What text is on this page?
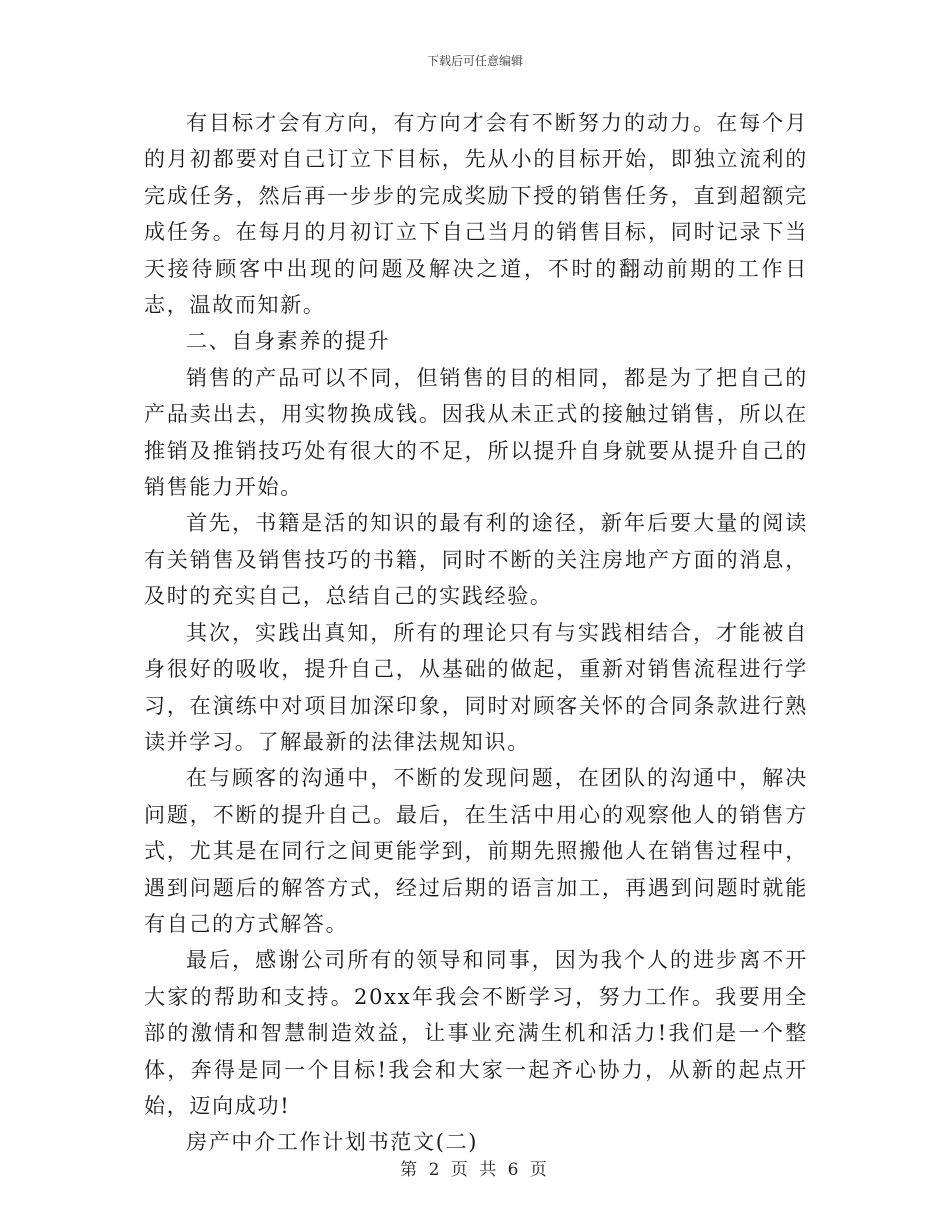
下载后可任意编辑

有目标才会有方向，有方向才会有不断努力的动力。在每个月的月初都要对自己订立下目标，先从小的目标开始，即独立流利的完成任务，然后再一步步的完成奖励下授的销售任务，直到超额完成任务。在每月的月初订立下自己当月的销售目标，同时记录下当天接待顾客中出现的问题及解决之道，不时的翻动前期的工作日志，温故而知新。

二、自身素养的提升

销售的产品可以不同，但销售的目的相同，都是为了把自己的产品卖出去，用实物换成钱。因我从未正式的接触过销售，所以在推销及推销技巧处有很大的不足，所以提升自身就要从提升自己的销售能力开始。

首先，书籍是活的知识的最有利的途径，新年后要大量的阅读有关销售及销售技巧的书籍，同时不断的关注房地产方面的消息，及时的充实自己，总结自己的实践经验。

其次，实践出真知，所有的理论只有与实践相结合，才能被自身很好的吸收，提升自己，从基础的做起，重新对销售流程进行学习，在演练中对项目加深印象，同时对顾客关怀的合同条款进行熟读并学习。了解最新的法律法规知识。

在与顾客的沟通中，不断的发现问题，在团队的沟通中，解决问题，不断的提升自己。最后，在生活中用心的观察他人的销售方式，尤其是在同行之间更能学到，前期先照搬他人在销售过程中，遇到问题后的解答方式，经过后期的语言加工，再遇到问题时就能有自己的方式解答。

最后，感谢公司所有的领导和同事，因为我个人的进步离不开大家的帮助和支持。20xx年我会不断学习，努力工作。我要用全部的激情和智慧制造效益，让事业充满生机和活力!我们是一个整体，奔得是同一个目标!我会和大家一起齐心协力，从新的起点开始，迈向成功!

房产中介工作计划书范文(二)

第 2 页 共 6 页
